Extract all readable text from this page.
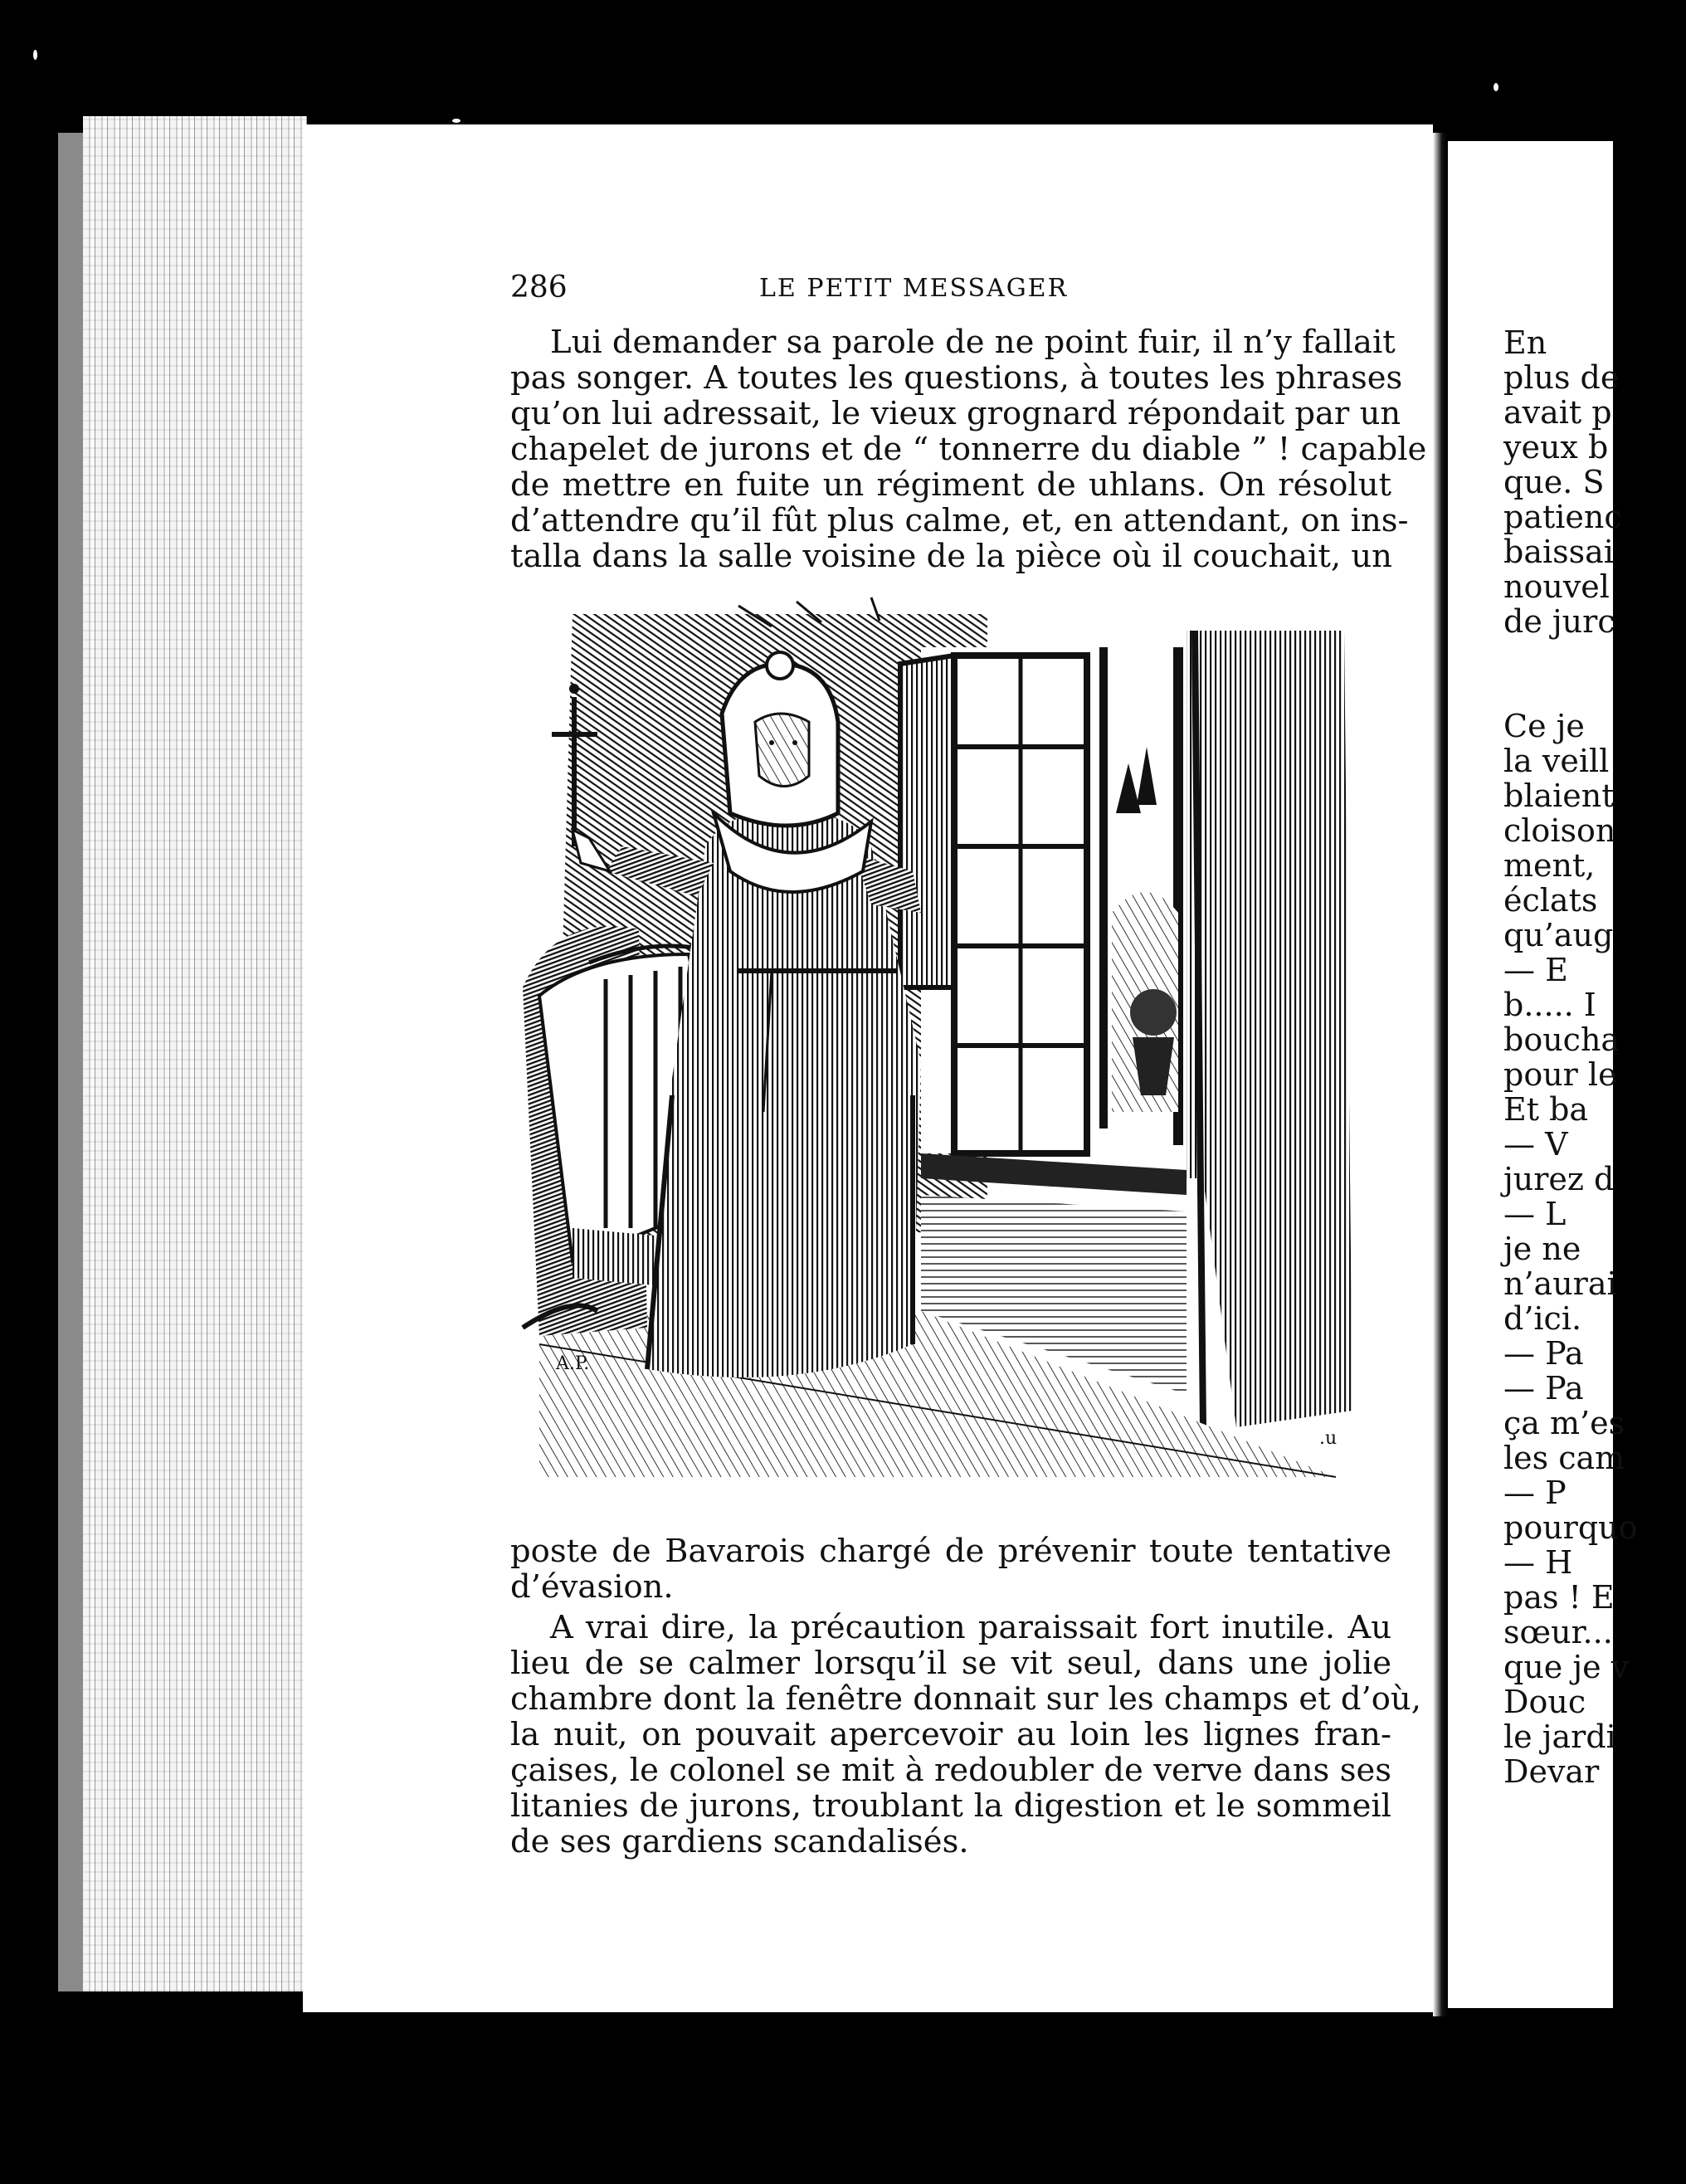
En
plus de
avait p
yeux b
que. S
patienc
baissai
nouvel
de jurc
Ce je
la veill
blaient
cloison
ment,
éclats
qu’aug
— E
b..... I
boucha
pour le
Et ba
— V
jurez d
— L
je ne
n’aurai
d’ici.
— Pa
— Pa
ça m’es
les cam
— P
pourquo
— H
pas ! E
sœur...
que je v
Douc
le jardi
Devar
286	LE PETIT MESSAGER
Lui demander sa parole de ne point fuir, il n’y fallait
pas songer. A toutes les questions, à toutes les phrases
qu’on lui adressait, le vieux grognard répondait par un
chapelet de jurons et de “ tonnerre du diable ” ! capable
de mettre en fuite un régiment de uhlans. On résolut
d’attendre qu’il fût plus calme, et, en attendant, on ins-
talla dans la salle voisine de la pièce où il couchait, un
A.P.
.u
poste de Bavarois chargé de prévenir toute tentative
d’évasion.
A vrai dire, la précaution paraissait fort inutile. Au
lieu de se calmer lorsqu’il se vit seul, dans une jolie
chambre dont la fenêtre donnait sur les champs et d’où,
la nuit, on pouvait apercevoir au loin les lignes fran-
çaises, le colonel se mit à redoubler de verve dans ses
litanies de jurons, troublant la digestion et le sommeil
de ses gardiens scandalisés.
